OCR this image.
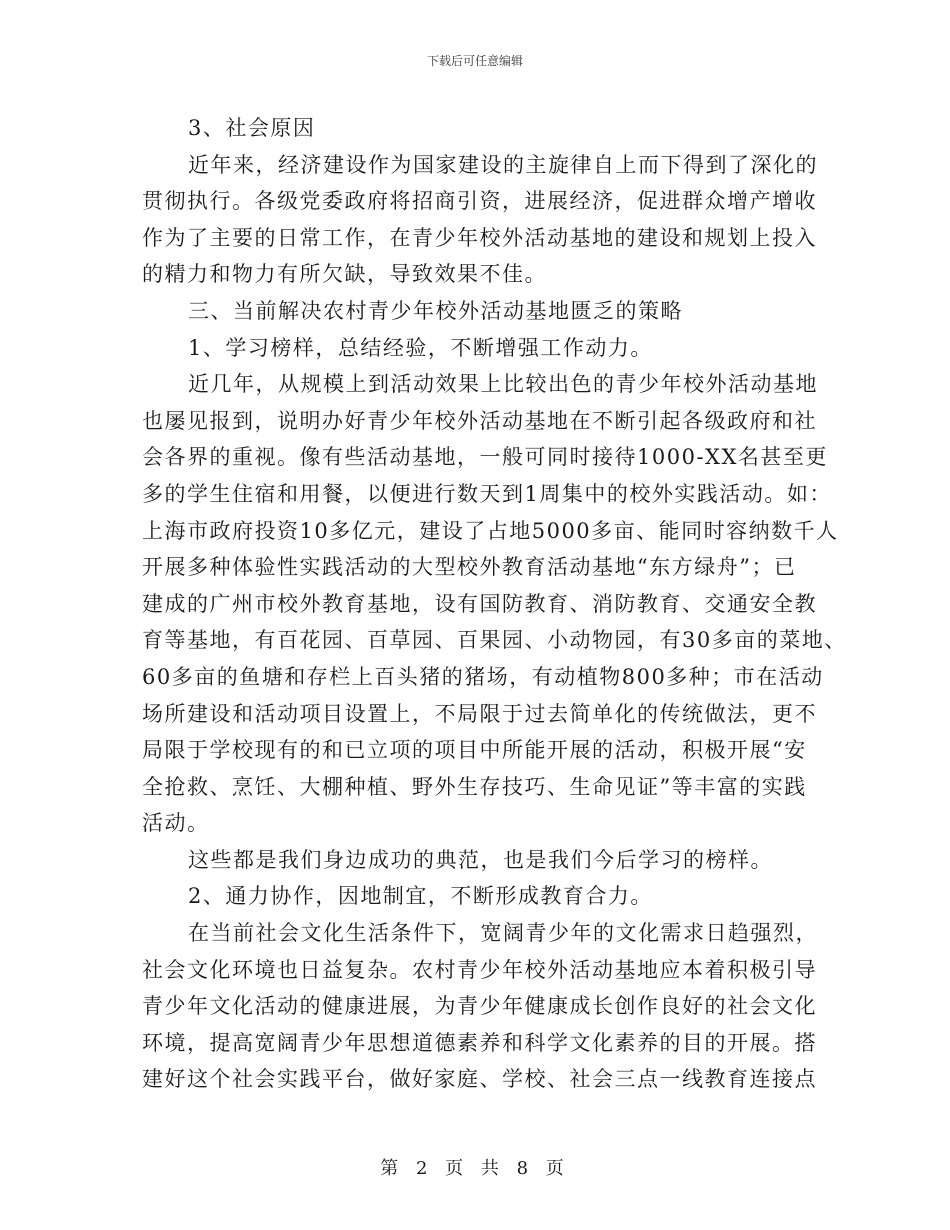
下载后可任意编辑
3、社会原因
近年来，经济建设作为国家建设的主旋律自上而下得到了深化的
贯彻执行。各级党委政府将招商引资，进展经济，促进群众增产增收
作为了主要的日常工作，在青少年校外活动基地的建设和规划上投入
的精力和物力有所欠缺，导致效果不佳。
三、当前解决农村青少年校外活动基地匮乏的策略
1、学习榜样，总结经验，不断增强工作动力。
近几年，从规模上到活动效果上比较出色的青少年校外活动基地
也屡见报到，说明办好青少年校外活动基地在不断引起各级政府和社
会各界的重视。像有些活动基地，一般可同时接待1000-XX名甚至更
多的学生住宿和用餐，以便进行数天到1周集中的校外实践活动。如：
上海市政府投资10多亿元，建设了占地5000多亩、能同时容纳数千人
开展多种体验性实践活动的大型校外教育活动基地“东方绿舟”；已
建成的广州市校外教育基地，设有国防教育、消防教育、交通安全教
育等基地，有百花园、百草园、百果园、小动物园，有30多亩的菜地、
60多亩的鱼塘和存栏上百头猪的猪场，有动植物800多种；市在活动
场所建设和活动项目设置上，不局限于过去简单化的传统做法，更不
局限于学校现有的和已立项的项目中所能开展的活动，积极开展“安
全抢救、烹饪、大棚种植、野外生存技巧、生命见证”等丰富的实践
活动。
这些都是我们身边成功的典范，也是我们今后学习的榜样。
2、通力协作，因地制宜，不断形成教育合力。
在当前社会文化生活条件下，宽阔青少年的文化需求日趋强烈，
社会文化环境也日益复杂。农村青少年校外活动基地应本着积极引导
青少年文化活动的健康进展，为青少年健康成长创作良好的社会文化
环境，提高宽阔青少年思想道德素养和科学文化素养的目的开展。搭
建好这个社会实践平台，做好家庭、学校、社会三点一线教育连接点
第 2 页 共 8 页
